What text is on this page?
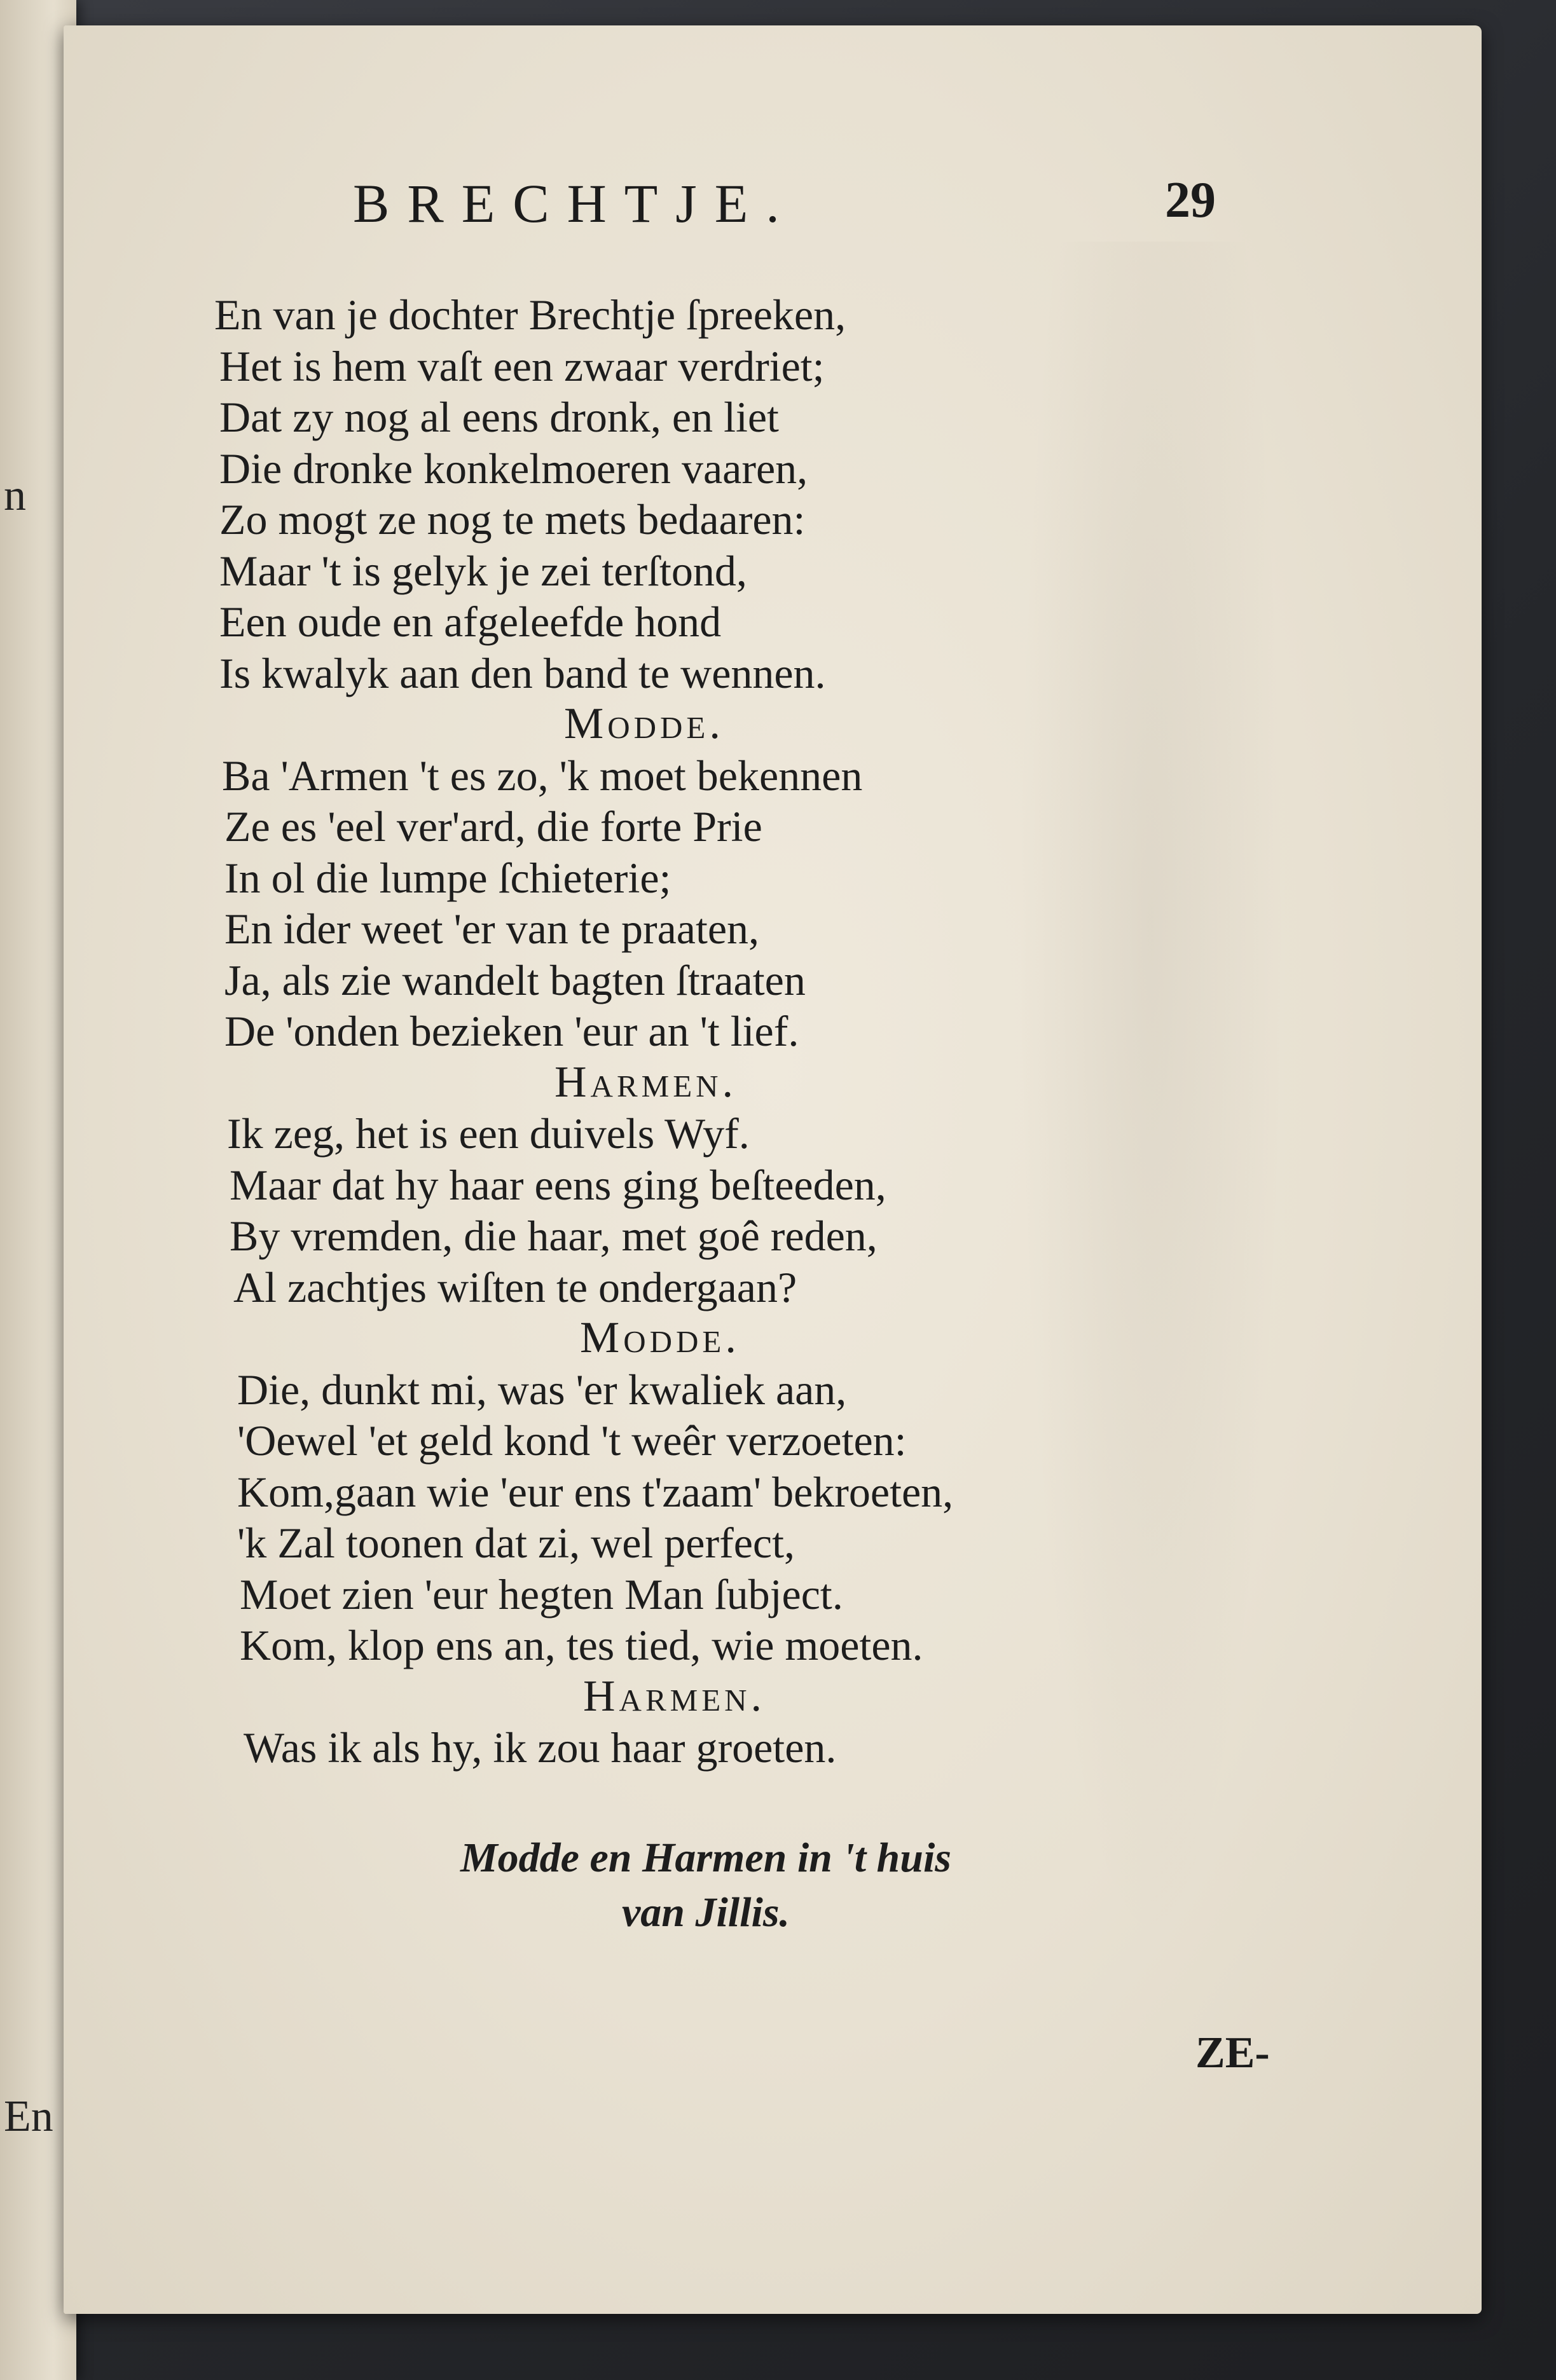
n
En
BRECHTJE.	29
En van je dochter Brechtje ſpreeken,
Het is hem vaſt een zwaar verdriet;
Dat zy nog al eens dronk, en liet
Die dronke konkelmoeren vaaren,
Zo mogt ze nog te mets bedaaren:
Maar 't is gelyk je zei terſtond,
Een oude en afgeleefde hond
Is kwalyk aan den band te wennen.
Modde.
Ba 'Armen 't es zo, 'k moet bekennen
Ze es 'eel ver'ard, die forte Prie
In ol die lumpe ſchieterie;
En ider weet 'er van te praaten,
Ja, als zie wandelt bagten ſtraaten
De 'onden bezieken 'eur an 't lief.
Harmen.
Ik zeg, het is een duivels Wyf.
Maar dat hy haar eens ging beſteeden,
By vremden, die haar, met goê reden,
Al zachtjes wiſten te ondergaan?
Modde.
Die, dunkt mi, was 'er kwaliek aan,
'Oewel 'et geld kond 't weêr verzoeten:
Kom,gaan wie 'eur ens t'zaam' bekroeten,
'k Zal toonen dat zi, wel perfect,
Moet zien 'eur hegten Man ſubject.
Kom, klop ens an, tes tied, wie moeten.
Harmen.
Was ik als hy, ik zou haar groeten.
Modde en Harmen in 't huis
van Jillis.
ZE-
